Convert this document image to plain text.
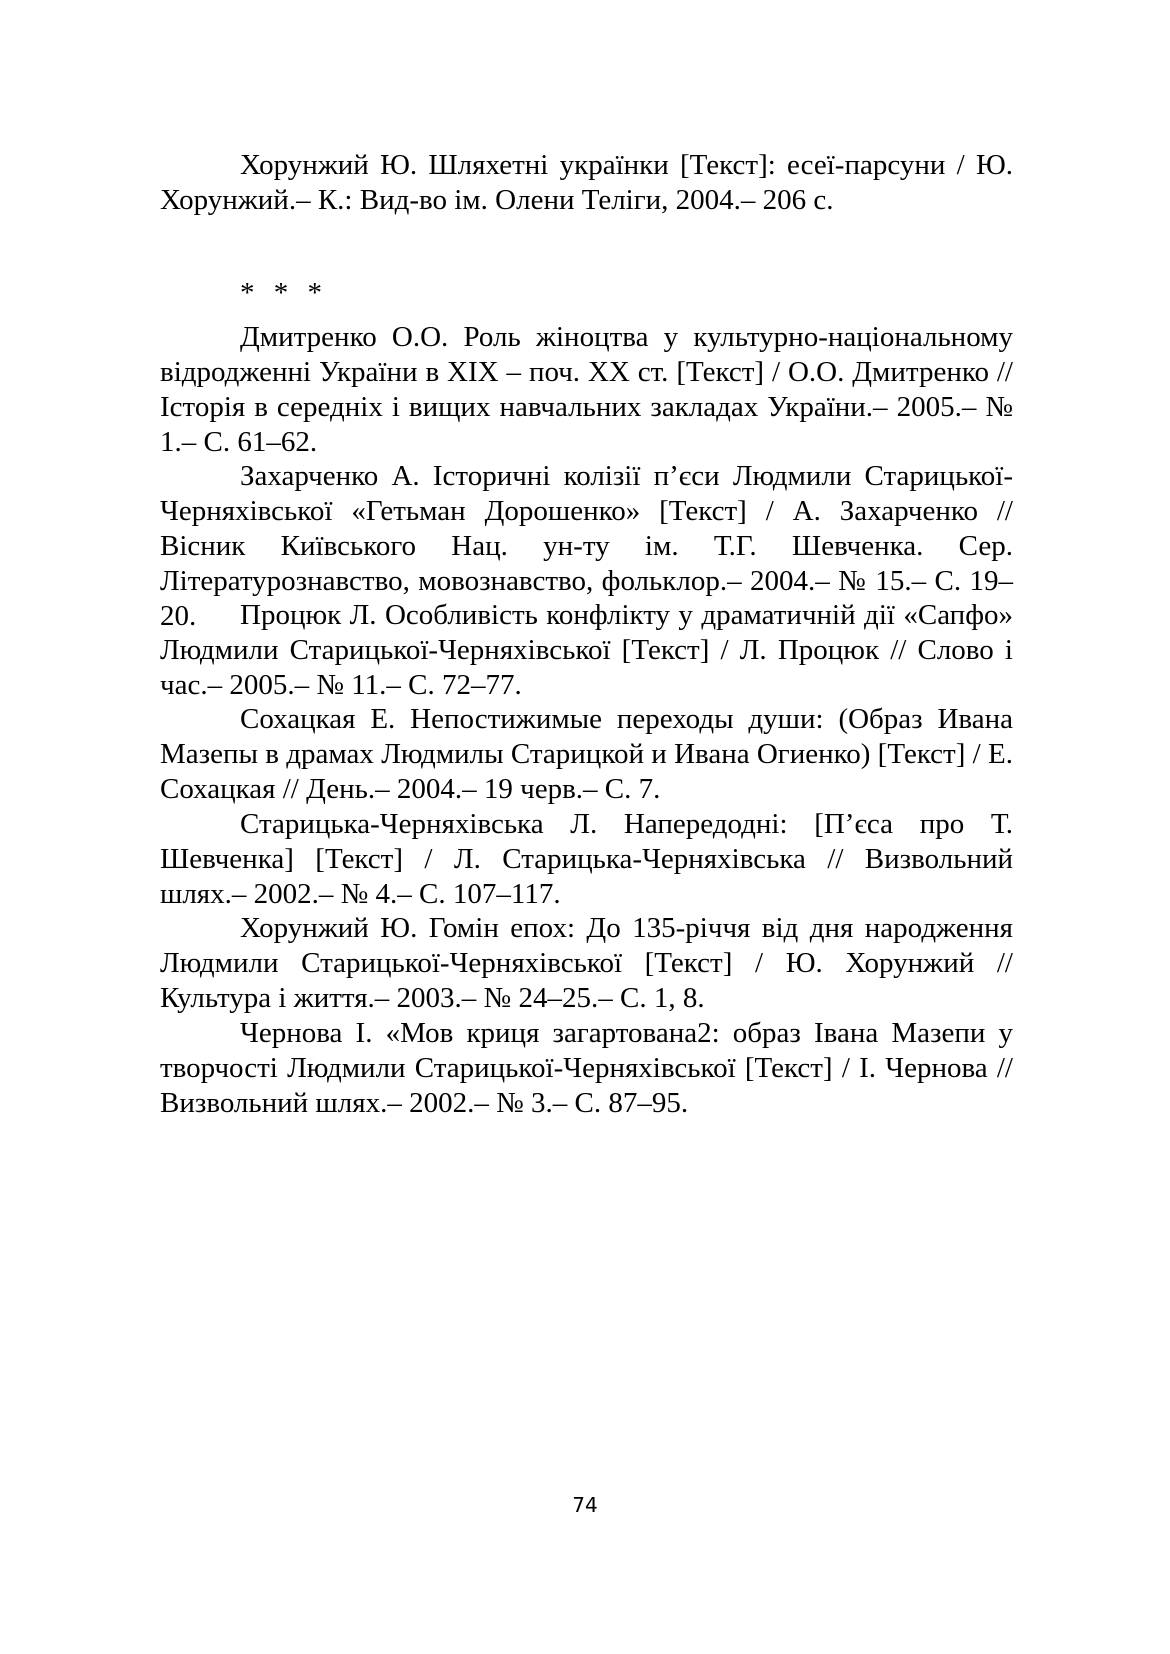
Хорунжий Ю. Шляхетні українки [Текст]: есеї-парсуни / Ю. Хорунжий.– К.: Вид-во ім. Олени Теліги, 2004.– 206 с.

* * *

Дмитренко О.О. Роль жіноцтва у культурно-національному відродженні України в ХІХ – поч. ХХ ст. [Текст] / О.О. Дмитренко // Історія в середніх і вищих навчальних закладах України.– 2005.– № 1.– С. 61–62.

Захарченко А. Історичні колізії п’єси Людмили Старицької-Черняхівської «Гетьман Дорошенко» [Текст] / А. Захарченко // Вісник Київського Нац. ун-ту ім. Т.Г. Шевченка. Сер. Літературознавство, мовознавство, фольклор.– 2004.– № 15.– С. 19–20.	Процюк Л. Особливість конфлікту у драматичній дії «Сапфо» Людмили Старицької-Черняхівської [Текст] / Л. Процюк // Слово і час.– 2005.– № 11.– С. 72–77.

Сохацкая Е. Непостижимые переходы души: (Образ Ивана Мазепы в драмах Людмилы Старицкой и Ивана Огиенко) [Текст] / Е. Сохацкая // День.– 2004.– 19 черв.– С. 7.

Старицька-Черняхівська Л. Напередодні: [П’єса про Т. Шевченка] [Текст] / Л. Старицька-Черняхівська // Визвольний шлях.– 2002.– № 4.– С. 107–117.

Хорунжий Ю. Гомін епох: До 135-річчя від дня народження Людмили Старицької-Черняхівської [Текст] / Ю. Хорунжий // Культура і життя.– 2003.– № 24–25.– С. 1, 8.

Чернова І. «Мов криця загартована2: образ Івана Мазепи у творчості Людмили Старицької-Черняхівської [Текст] / І. Чернова // Визвольний шлях.– 2002.– № 3.– С. 87–95.

74
